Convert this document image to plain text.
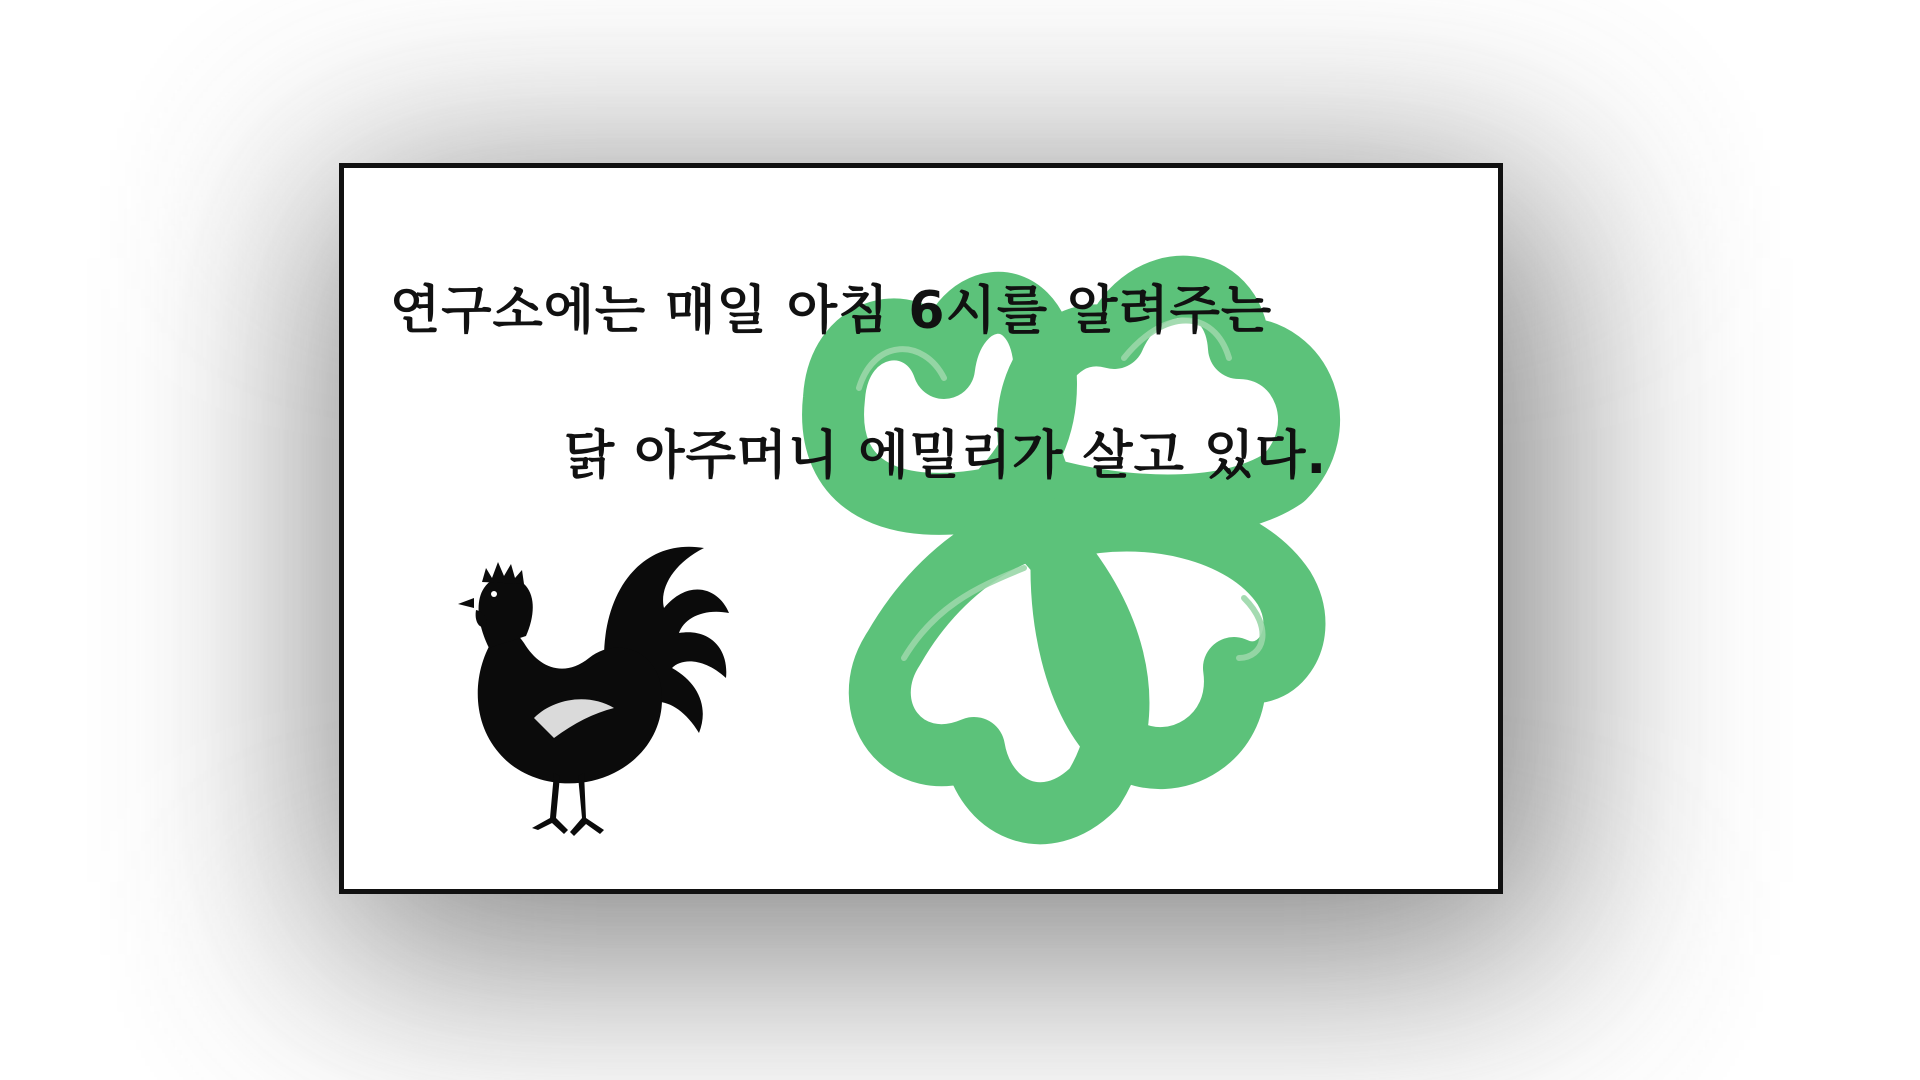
연구소에는 매일 아침 6시를 알려주는
닭 아주머니 에밀리가 살고 있다.
